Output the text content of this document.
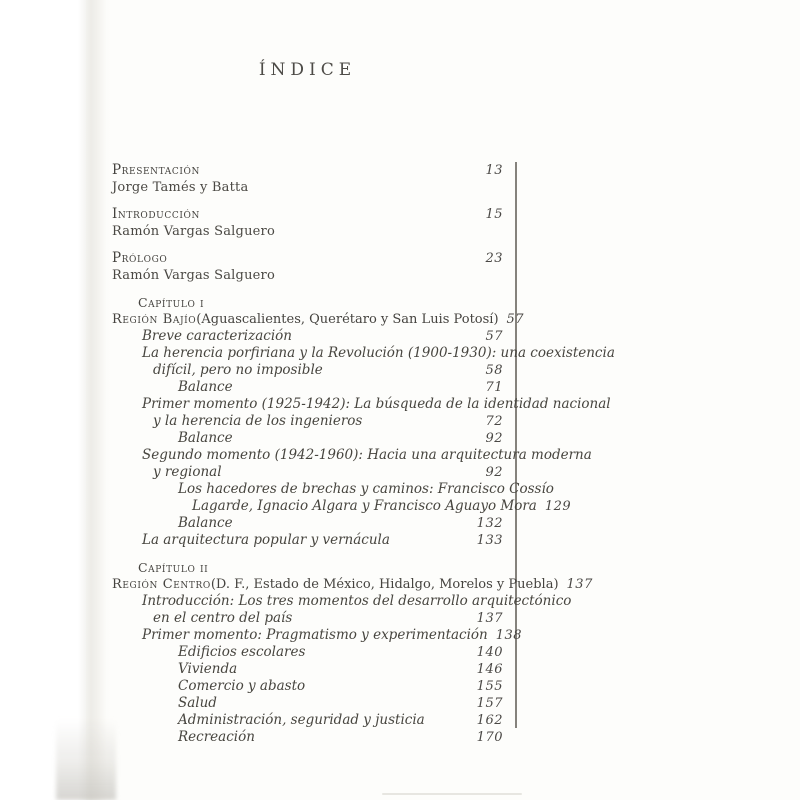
ÍNDICE
Presentación	13
Jorge Tamés y Batta
Introducción	15
Ramón Vargas Salguero
Prólogo	23
Ramón Vargas Salguero
Capítulo i
Región Bajío (Aguascalientes, Querétaro y San Luis Potosí) 57
Breve caracterización	57
La herencia porfiriana y la Revolución (1900-1930): una coexistencia
difícil, pero no imposible	58
Balance	71
Primer momento (1925-1942): La búsqueda de la identidad nacional
y la herencia de los ingenieros	72
Balance	92
Segundo momento (1942-1960): Hacia una arquitectura moderna
y regional	92
Los hacedores de brechas y caminos: Francisco Cossío
Lagarde, Ignacio Algara y Francisco Aguayo Mora 129
Balance	132
La arquitectura popular y vernácula	133
Capítulo ii
Región Centro (D. F., Estado de México, Hidalgo, Morelos y Puebla) 137
Introducción: Los tres momentos del desarrollo arquitectónico
en el centro del país	137
Primer momento: Pragmatismo y experimentación 138
Edificios escolares	140
Vivienda	146
Comercio y abasto	155
Salud	157
Administración, seguridad y justicia	162
Recreación	170
